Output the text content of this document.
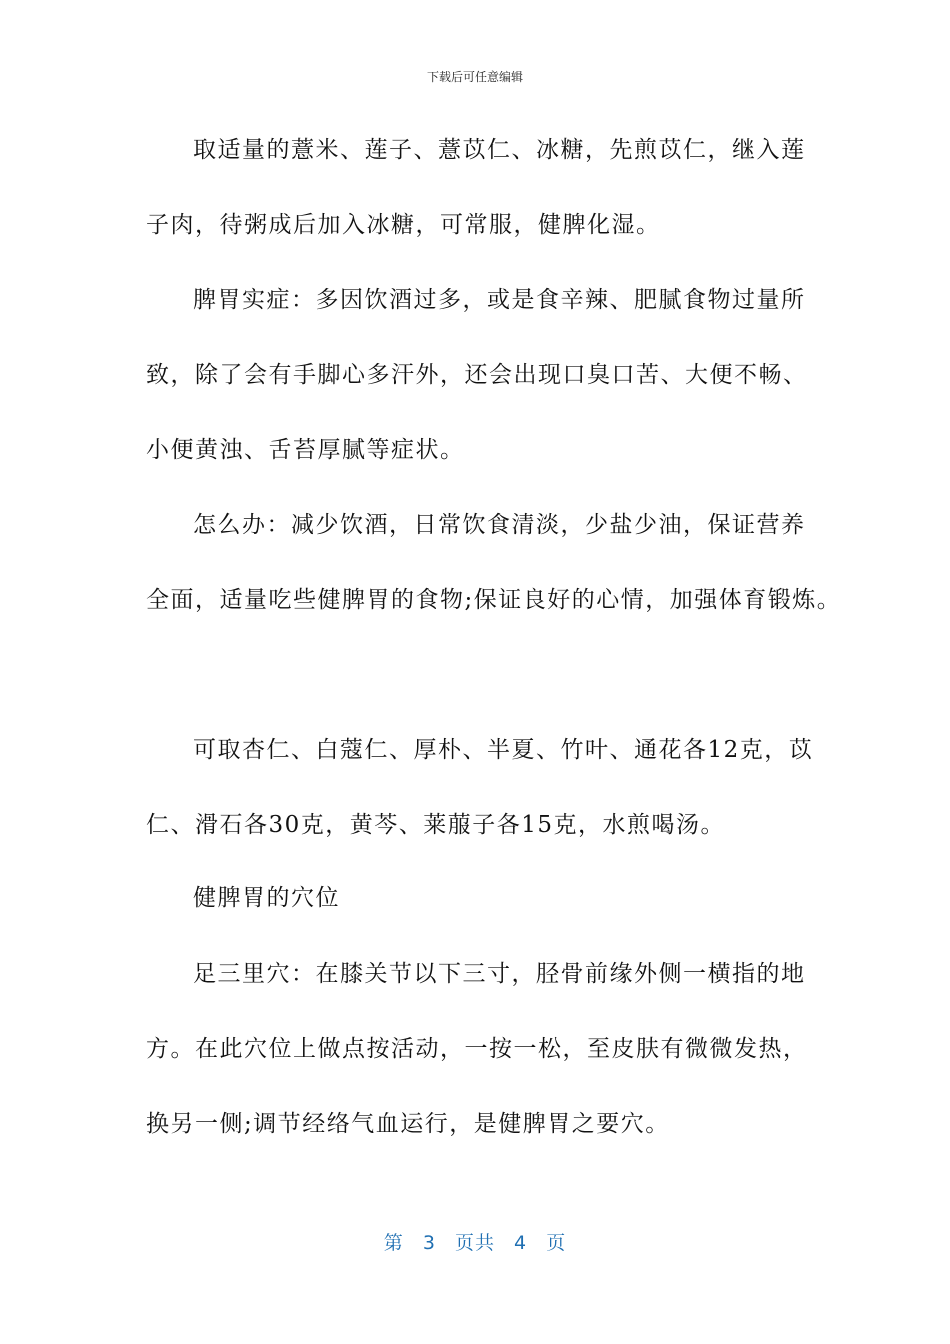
下载后可任意编辑
取适量的薏米、莲子、薏苡仁、冰糖，先煎苡仁，继入莲
子肉，待粥成后加入冰糖，可常服，健脾化湿。
脾胃实症：多因饮酒过多，或是食辛辣、肥腻食物过量所
致，除了会有手脚心多汗外，还会出现口臭口苦、大便不畅、
小便黄浊、舌苔厚腻等症状。
怎么办：减少饮酒，日常饮食清淡，少盐少油，保证营养
全面，适量吃些健脾胃的食物;保证良好的心情，加强体育锻炼。
可取杏仁、白蔻仁、厚朴、半夏、竹叶、通花各12克，苡
仁、滑石各30克，黄芩、莱菔子各15克，水煎喝汤。
健脾胃的穴位
足三里穴：在膝关节以下三寸，胫骨前缘外侧一横指的地
方。在此穴位上做点按活动，一按一松，至皮肤有微微发热，
换另一侧;调节经络气血运行，是健脾胃之要穴。
第 3 页共 4 页
